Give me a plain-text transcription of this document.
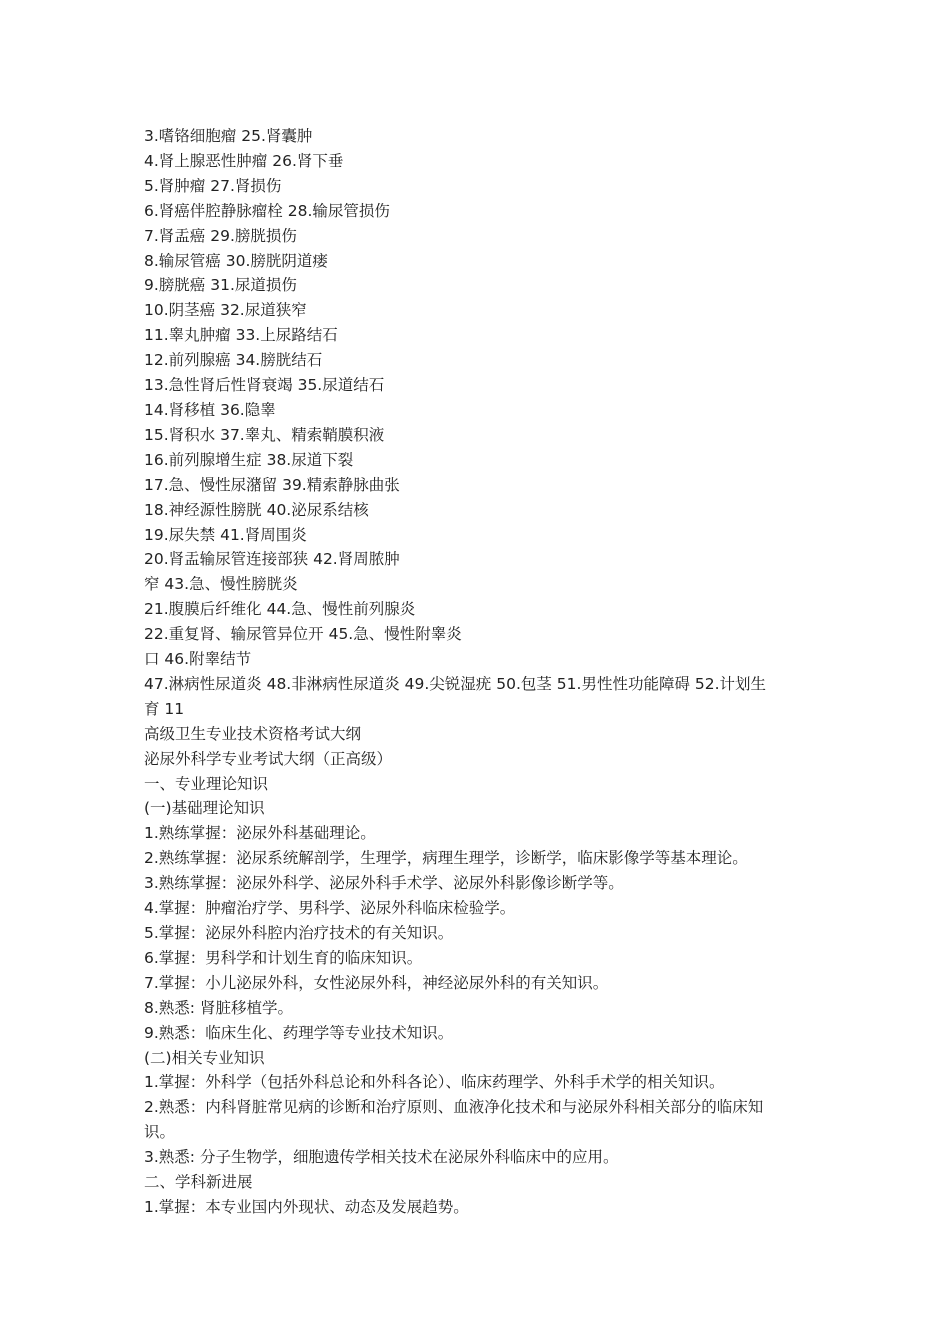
3.嗜铬细胞瘤 25.肾囊肿

4.肾上腺恶性肿瘤 26.肾下垂

5.肾肿瘤 27.肾损伤

6.肾癌伴腔静脉瘤栓 28.输尿管损伤

7.肾盂癌 29.膀胱损伤

8.输尿管癌 30.膀胱阴道瘘

9.膀胱癌 31.尿道损伤

10.阴茎癌 32.尿道狭窄

11.睾丸肿瘤 33.上尿路结石

12.前列腺癌 34.膀胱结石

13.急性肾后性肾衰竭 35.尿道结石

14.肾移植 36.隐睾

15.肾积水 37.睾丸、精索鞘膜积液

16.前列腺增生症 38.尿道下裂

17.急、慢性尿潴留 39.精索静脉曲张

18.神经源性膀胱 40.泌尿系结核

19.尿失禁 41.肾周围炎

20.肾盂输尿管连接部狭 42.肾周脓肿

窄 43.急、慢性膀胱炎

21.腹膜后纤维化 44.急、慢性前列腺炎

22.重复肾、输尿管异位开 45.急、慢性附睾炎

口 46.附睾结节

47.淋病性尿道炎 48.非淋病性尿道炎 49.尖锐湿疣 50.包茎 51.男性性功能障碍 52.计划生

育 11

高级卫生专业技术资格考试大纲

泌尿外科学专业考试大纲（正高级）

一、专业理论知识

(一)基础理论知识

1.熟练掌握：泌尿外科基础理论。

2.熟练掌握：泌尿系统解剖学，生理学，病理生理学，诊断学，临床影像学等基本理论。

3.熟练掌握：泌尿外科学、泌尿外科手术学、泌尿外科影像诊断学等。

4.掌握：肿瘤治疗学、男科学、泌尿外科临床检验学。

5.掌握：泌尿外科腔内治疗技术的有关知识。

6.掌握：男科学和计划生育的临床知识。

7.掌握：小儿泌尿外科，女性泌尿外科，神经泌尿外科的有关知识。

8.熟悉: 肾脏移植学。

9.熟悉：临床生化、药理学等专业技术知识。

(二)相关专业知识

1.掌握：外科学（包括外科总论和外科各论）、临床药理学、外科手术学的相关知识。

2.熟悉：内科肾脏常见病的诊断和治疗原则、血液净化技术和与泌尿外科相关部分的临床知

识。

3.熟悉: 分子生物学，细胞遗传学相关技术在泌尿外科临床中的应用。

二、学科新进展

1.掌握：本专业国内外现状、动态及发展趋势。
